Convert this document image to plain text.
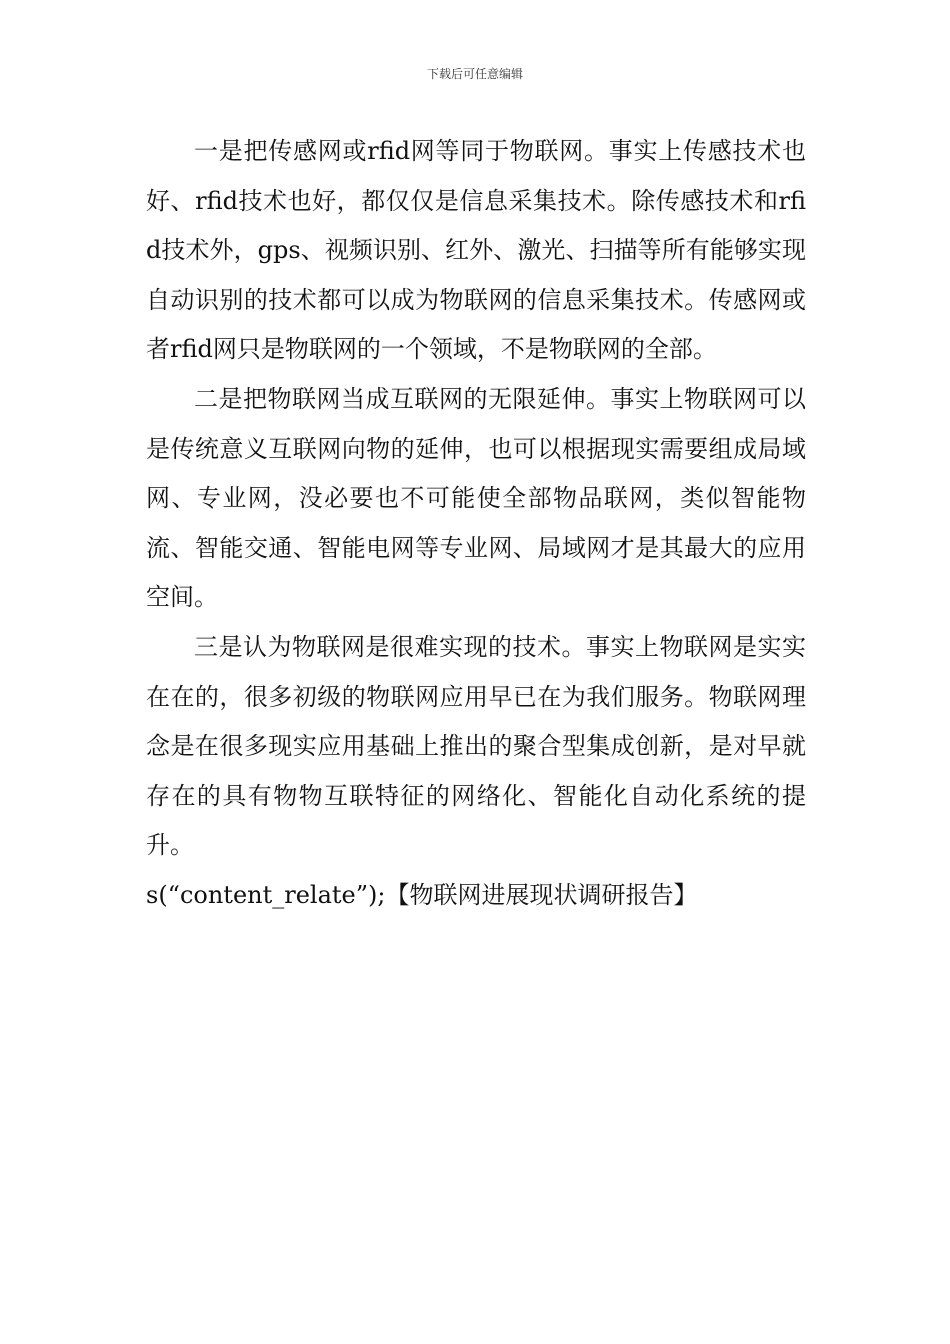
下载后可任意编辑

一是把传感网或rfid网等同于物联网。事实上传感技术也好、rfid技术也好，都仅仅是信息采集技术。除传感技术和rfid技术外，gps、视频识别、红外、激光、扫描等所有能够实现自动识别的技术都可以成为物联网的信息采集技术。传感网或者rfid网只是物联网的一个领域，不是物联网的全部。

二是把物联网当成互联网的无限延伸。事实上物联网可以是传统意义互联网向物的延伸，也可以根据现实需要组成局域网、专业网，没必要也不可能使全部物品联网，类似智能物流、智能交通、智能电网等专业网、局域网才是其最大的应用空间。

三是认为物联网是很难实现的技术。事实上物联网是实实在在的，很多初级的物联网应用早已在为我们服务。物联网理念是在很多现实应用基础上推出的聚合型集成创新，是对早就存在的具有物物互联特征的网络化、智能化自动化系统的提升。

s(“content_relate”);【物联网进展现状调研报告】
